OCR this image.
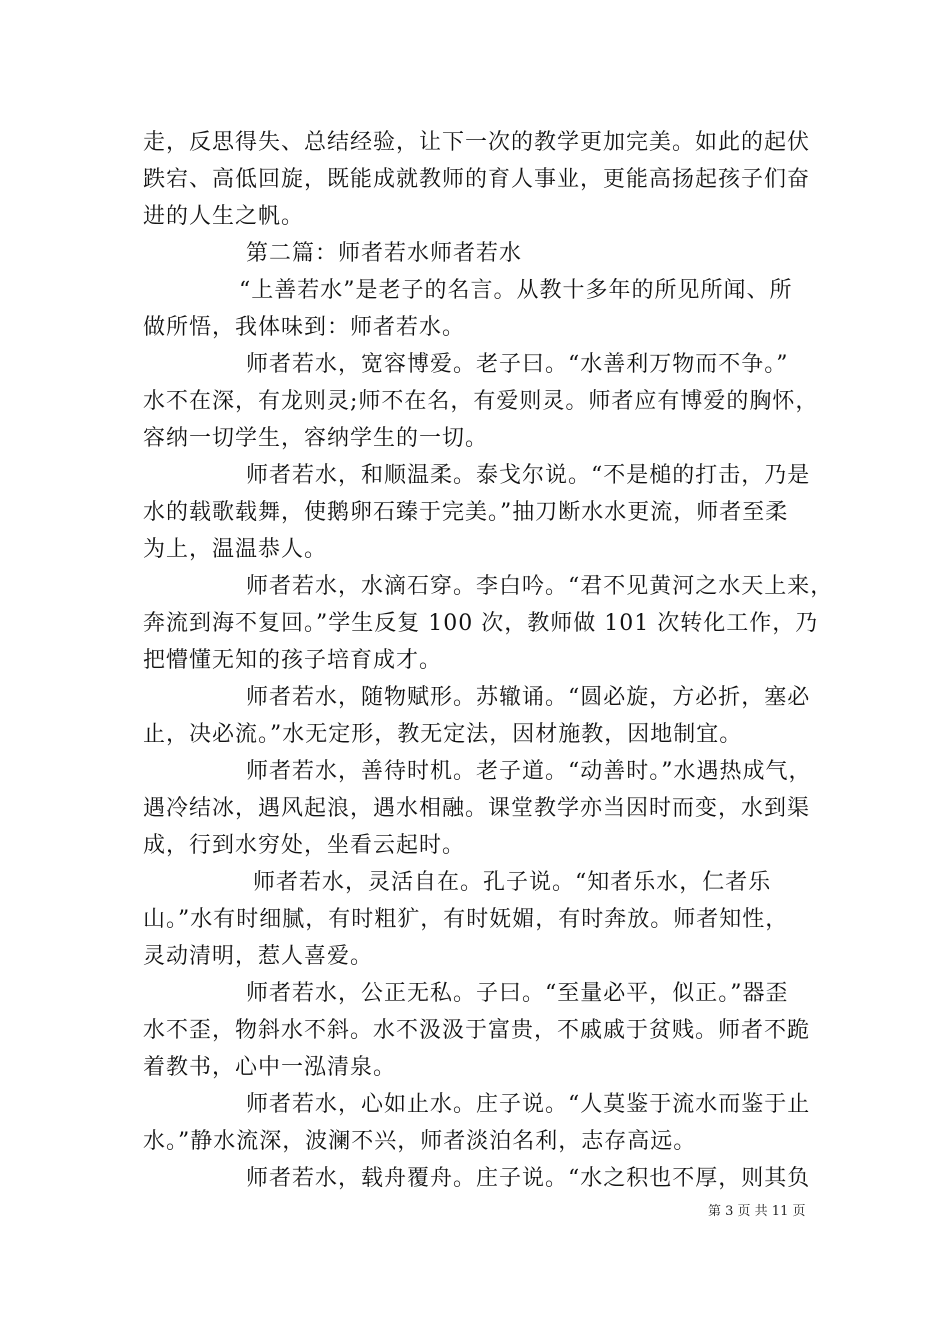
走，反思得失、总结经验，让下一次的教学更加完美。如此的起伏
跌宕、高低回旋，既能成就教师的育人事业，更能高扬起孩子们奋
进的人生之帆。
第二篇：师者若水师者若水
“上善若水”是老子的名言。从教十多年的所见所闻、所
做所悟，我体味到：师者若水。
师者若水，宽容博爱。老子曰。“水善利万物而不争。”
水不在深，有龙则灵;师不在名，有爱则灵。师者应有博爱的胸怀，
容纳一切学生，容纳学生的一切。
师者若水，和顺温柔。泰戈尔说。“不是槌的打击，乃是
水的载歌载舞，使鹅卵石臻于完美。”抽刀断水水更流，师者至柔
为上，温温恭人。
师者若水，水滴石穿。李白吟。“君不见黄河之水天上来，
奔流到海不复回。”学生反复 100 次，教师做 101 次转化工作，乃
把懵懂无知的孩子培育成才。
师者若水，随物赋形。苏辙诵。“圆必旋，方必折，塞必
止，决必流。”水无定形，教无定法，因材施教，因地制宜。
师者若水，善待时机。老子道。“动善时。”水遇热成气，
遇冷结冰，遇风起浪，遇水相融。课堂教学亦当因时而变，水到渠
成，行到水穷处，坐看云起时。
师者若水，灵活自在。孔子说。“知者乐水，仁者乐
山。”水有时细腻，有时粗犷，有时妩媚，有时奔放。师者知性，
灵动清明，惹人喜爱。
师者若水，公正无私。子曰。“至量必平，似正。”器歪
水不歪，物斜水不斜。水不汲汲于富贵，不戚戚于贫贱。师者不跪
着教书，心中一泓清泉。
师者若水，心如止水。庄子说。“人莫鉴于流水而鉴于止
水。”静水流深，波澜不兴，师者淡泊名利，志存高远。
师者若水，载舟覆舟。庄子说。“水之积也不厚，则其负
第 3 页 共 11 页
